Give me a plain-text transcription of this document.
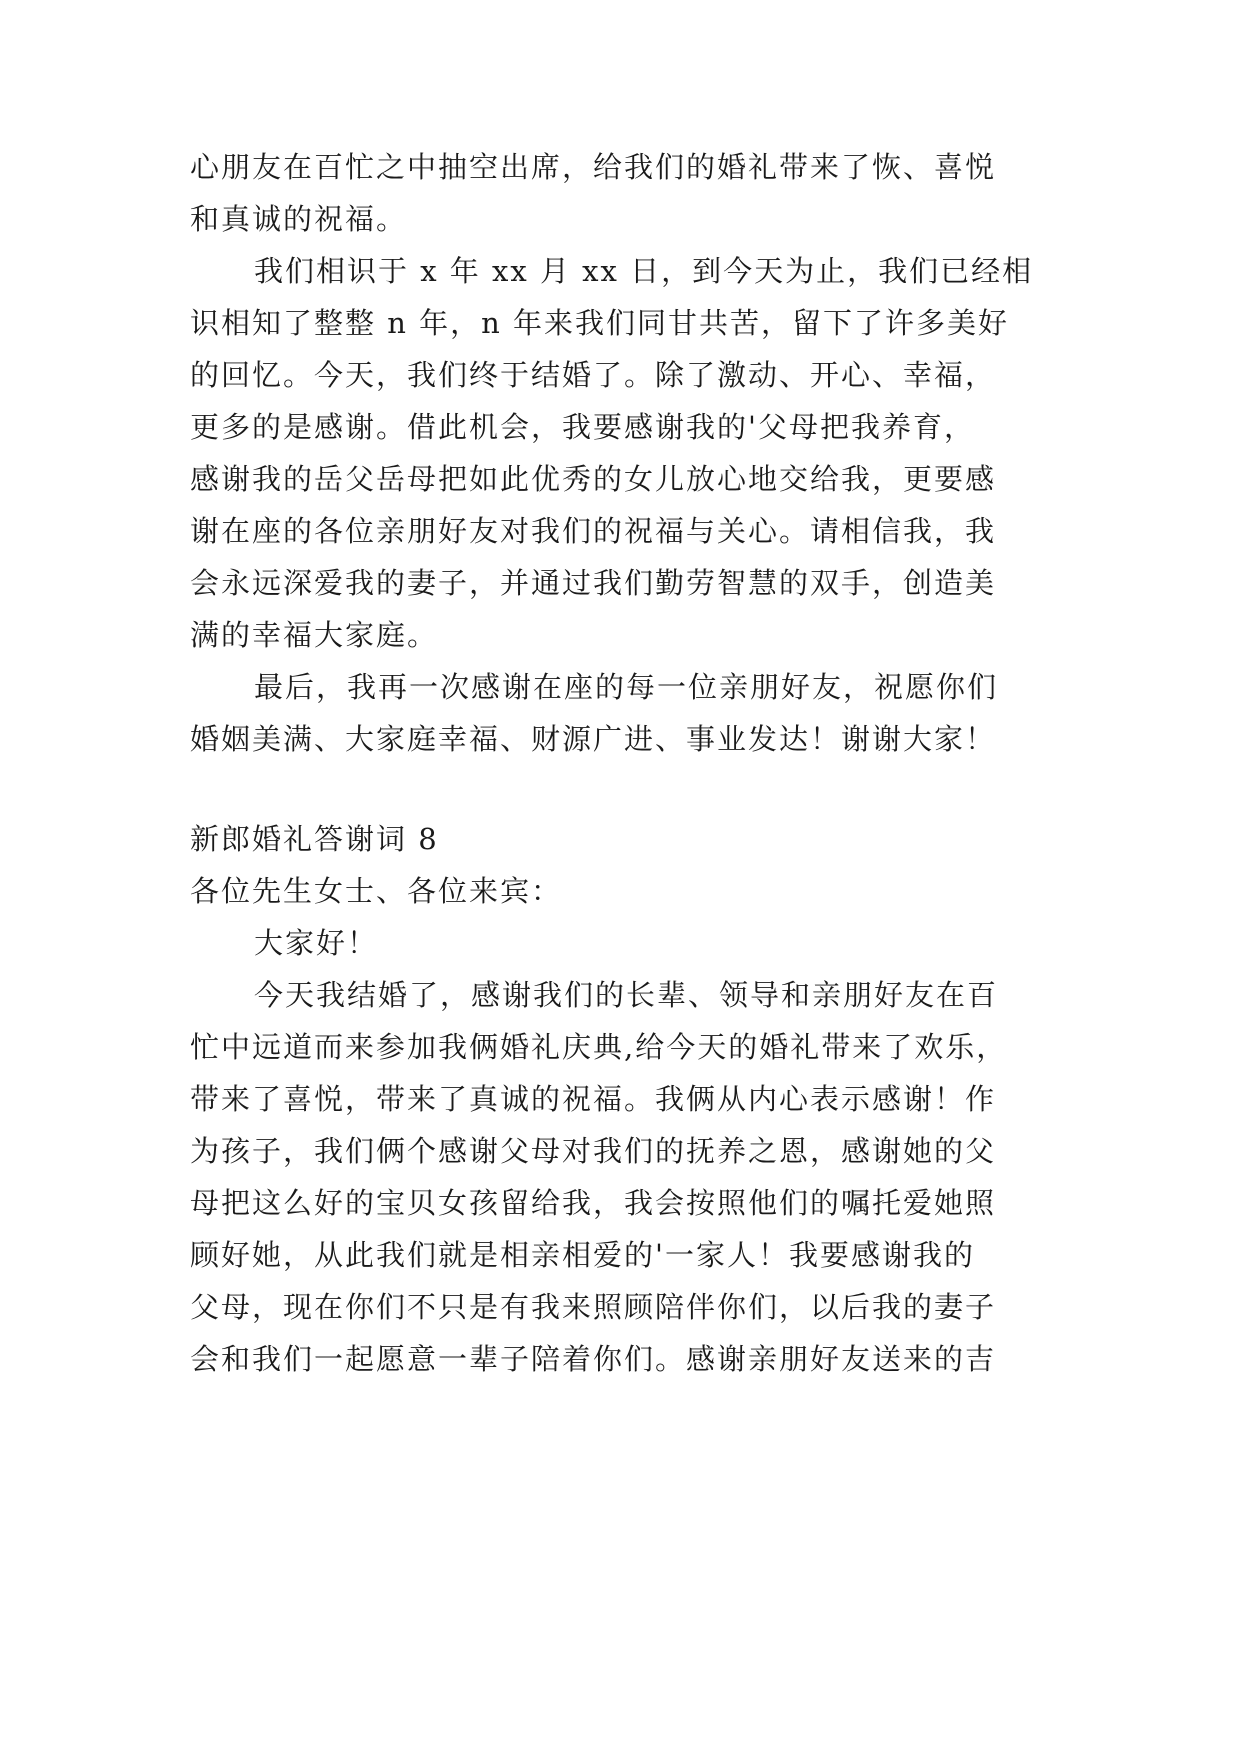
心朋友在百忙之中抽空出席，给我们的婚礼带来了恢、喜悦
和真诚的祝福。
我们相识于 x 年 xx 月 xx 日，到今天为止，我们已经相
识相知了整整 n 年，n 年来我们同甘共苦，留下了许多美好
的回忆。今天，我们终于结婚了。除了激动、开心、幸福，
更多的是感谢。借此机会，我要感谢我的'父母把我养育，
感谢我的岳父岳母把如此优秀的女儿放心地交给我，更要感
谢在座的各位亲朋好友对我们的祝福与关心。请相信我，我
会永远深爱我的妻子，并通过我们勤劳智慧的双手，创造美
满的幸福大家庭。
最后，我再一次感谢在座的每一位亲朋好友，祝愿你们
婚姻美满、大家庭幸福、财源广进、事业发达！谢谢大家！
新郎婚礼答谢词 8
各位先生女士、各位来宾：
大家好！
今天我结婚了，感谢我们的长辈、领导和亲朋好友在百
忙中远道而来参加我俩婚礼庆典,给今天的婚礼带来了欢乐，
带来了喜悦，带来了真诚的祝福。我俩从内心表示感谢！作
为孩子，我们俩个感谢父母对我们的抚养之恩，感谢她的父
母把这么好的宝贝女孩留给我，我会按照他们的嘱托爱她照
顾好她，从此我们就是相亲相爱的'一家人！我要感谢我的
父母，现在你们不只是有我来照顾陪伴你们，以后我的妻子
会和我们一起愿意一辈子陪着你们。感谢亲朋好友送来的吉
